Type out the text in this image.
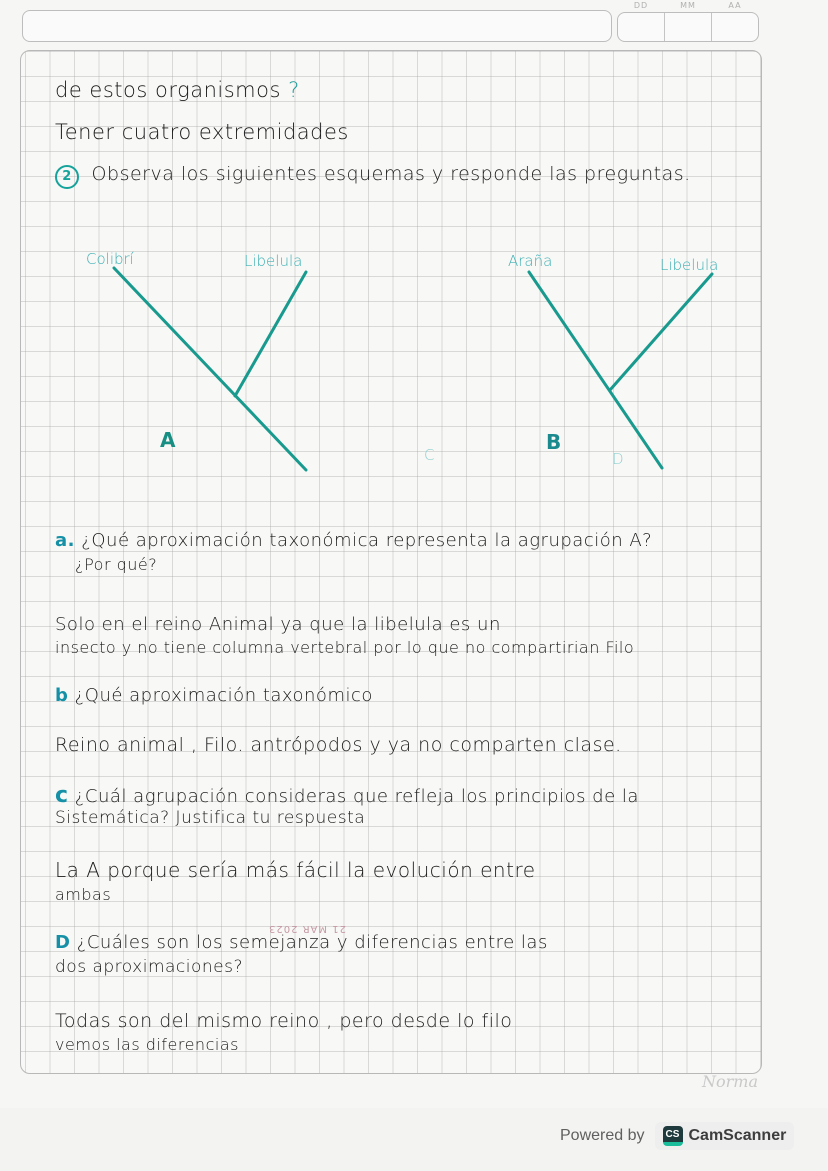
DD	MM	AA
de estos organismos ?
Tener cuatro extremidades
2 Observa los siguientes esquemas y responde las preguntas.
Colibrí	Libelula
A
Araña	Libelula
B
C	D
a. ¿Qué aproximación taxonómica representa la agrupación A?
¿Por qué?
Solo en el reino Animal ya que la libelula es un
insecto y no tiene columna vertebral por lo que no compartirian Filo
b ¿Qué aproximación taxonómico
Reino animal , Filo. antrópodos y ya no comparten clase.
c ¿Cuál agrupación consideras que refleja los principios de la
Sistemática? Justifica tu respuesta
La A porque sería más fácil la evolución entre
ambas
21 MAR 2023
D ¿Cuáles son los semejanza y diferencias entre las
dos aproximaciones?
Todas son del mismo reino , pero desde lo filo
vemos las diferencias
Norma
Powered by	CS CamScanner
